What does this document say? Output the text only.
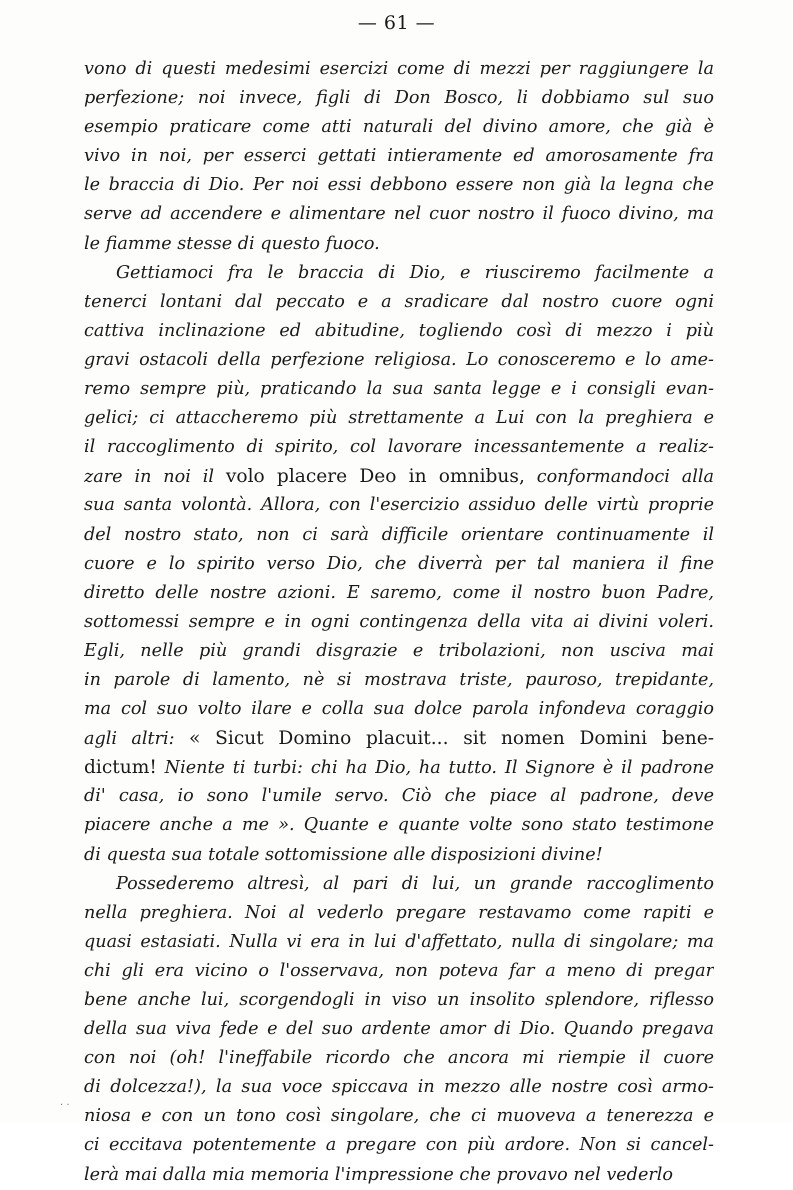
— 61 —
vono di questi medesimi esercizi come di mezzi per raggiungere la
perfezione; noi invece, figli di Don Bosco, li dobbiamo sul suo
esempio praticare come atti naturali del divino amore, che già è
vivo in noi, per esserci gettati intieramente ed amorosamente fra
le braccia di Dio. Per noi essi debbono essere non già la legna che
serve ad accendere e alimentare nel cuor nostro il fuoco divino, ma
le fiamme stesse di questo fuoco.
Gettiamoci fra le braccia di Dio, e riusciremo facilmente a
tenerci lontani dal peccato e a sradicare dal nostro cuore ogni
cattiva inclinazione ed abitudine, togliendo così di mezzo i più
gravi ostacoli della perfezione religiosa. Lo conosceremo e lo ame-
remo sempre più, praticando la sua santa legge e i consigli evan-
gelici; ci attaccheremo più strettamente a Lui con la preghiera e
il raccoglimento di spirito, col lavorare incessantemente a realiz-
zare in noi il volo placere Deo in omnibus, conformandoci alla
sua santa volontà. Allora, con l'esercizio assiduo delle virtù proprie
del nostro stato, non ci sarà difficile orientare continuamente il
cuore e lo spirito verso Dio, che diverrà per tal maniera il fine
diretto delle nostre azioni. E saremo, come il nostro buon Padre,
sottomessi sempre e in ogni contingenza della vita ai divini voleri.
Egli, nelle più grandi disgrazie e tribolazioni, non usciva mai
in parole di lamento, nè si mostrava triste, pauroso, trepidante,
ma col suo volto ilare e colla sua dolce parola infondeva coraggio
agli altri: « Sicut Domino placuit... sit nomen Domini bene-
dictum! Niente ti turbi: chi ha Dio, ha tutto. Il Signore è il padrone
di' casa, io sono l'umile servo. Ciò che piace al padrone, deve
piacere anche a me ». Quante e quante volte sono stato testimone
di questa sua totale sottomissione alle disposizioni divine!
Possederemo altresì, al pari di lui, un grande raccoglimento
nella preghiera. Noi al vederlo pregare restavamo come rapiti e
quasi estasiati. Nulla vi era in lui d'affettato, nulla di singolare; ma
chi gli era vicino o l'osservava, non poteva far a meno di pregar
bene anche lui, scorgendogli in viso un insolito splendore, riflesso
della sua viva fede e del suo ardente amor di Dio. Quando pregava
con noi (oh! l'ineffabile ricordo che ancora mi riempie il cuore
di dolcezza!), la sua voce spiccava in mezzo alle nostre così armo-
niosa e con un tono così singolare, che ci muoveva a tenerezza e
ci eccitava potentemente a pregare con più ardore. Non si cancel-
lerà mai dalla mia memoria l'impressione che provavo nel vederlo
· ·
